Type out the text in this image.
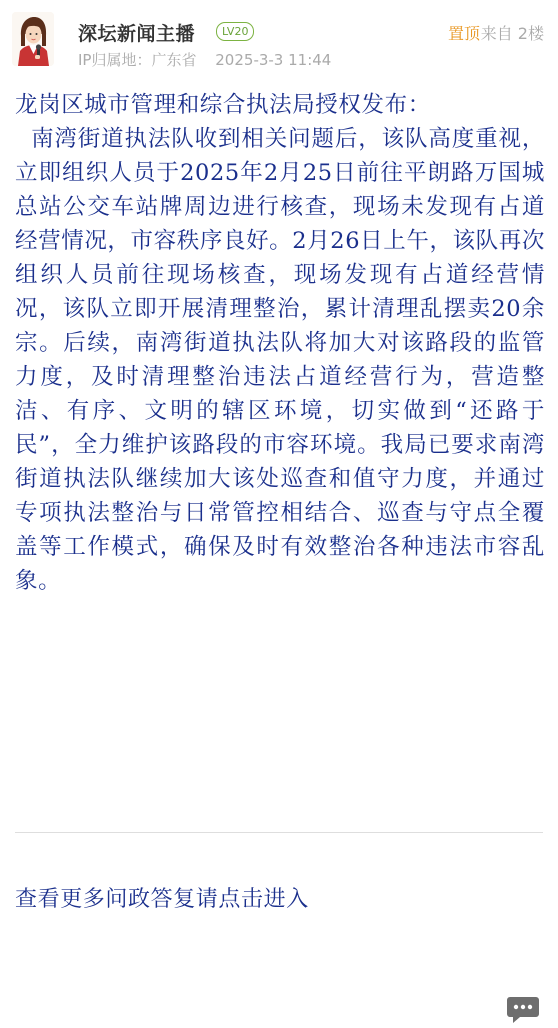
深坛新闻主播	LV20
IP归属地：广东省 2025-3-3 11:44
置顶 来自 2楼

龙岗区城市管理和综合执法局授权发布：

南湾街道执法队收到相关问题后，该队高度重视，立即组织人员于2025年2月25日前往平朗路万国城总站公交车站牌周边进行核查，现场未发现有占道经营情况，市容秩序良好。2月26日上午，该队再次组织人员前往现场核查，现场发现有占道经营情况，该队立即开展清理整治，累计清理乱摆卖20余宗。后续，南湾街道执法队将加大对该路段的监管力度，及时清理整治违法占道经营行为，营造整洁、有序、文明的辖区环境，切实做到“还路于民”，全力维护该路段的市容环境。我局已要求南湾街道执法队继续加大该处巡查和值守力度，并通过专项执法整治与日常管控相结合、巡查与守点全覆盖等工作模式，确保及时有效整治各种违法市容乱象。

查看更多问政答复请点击进入
